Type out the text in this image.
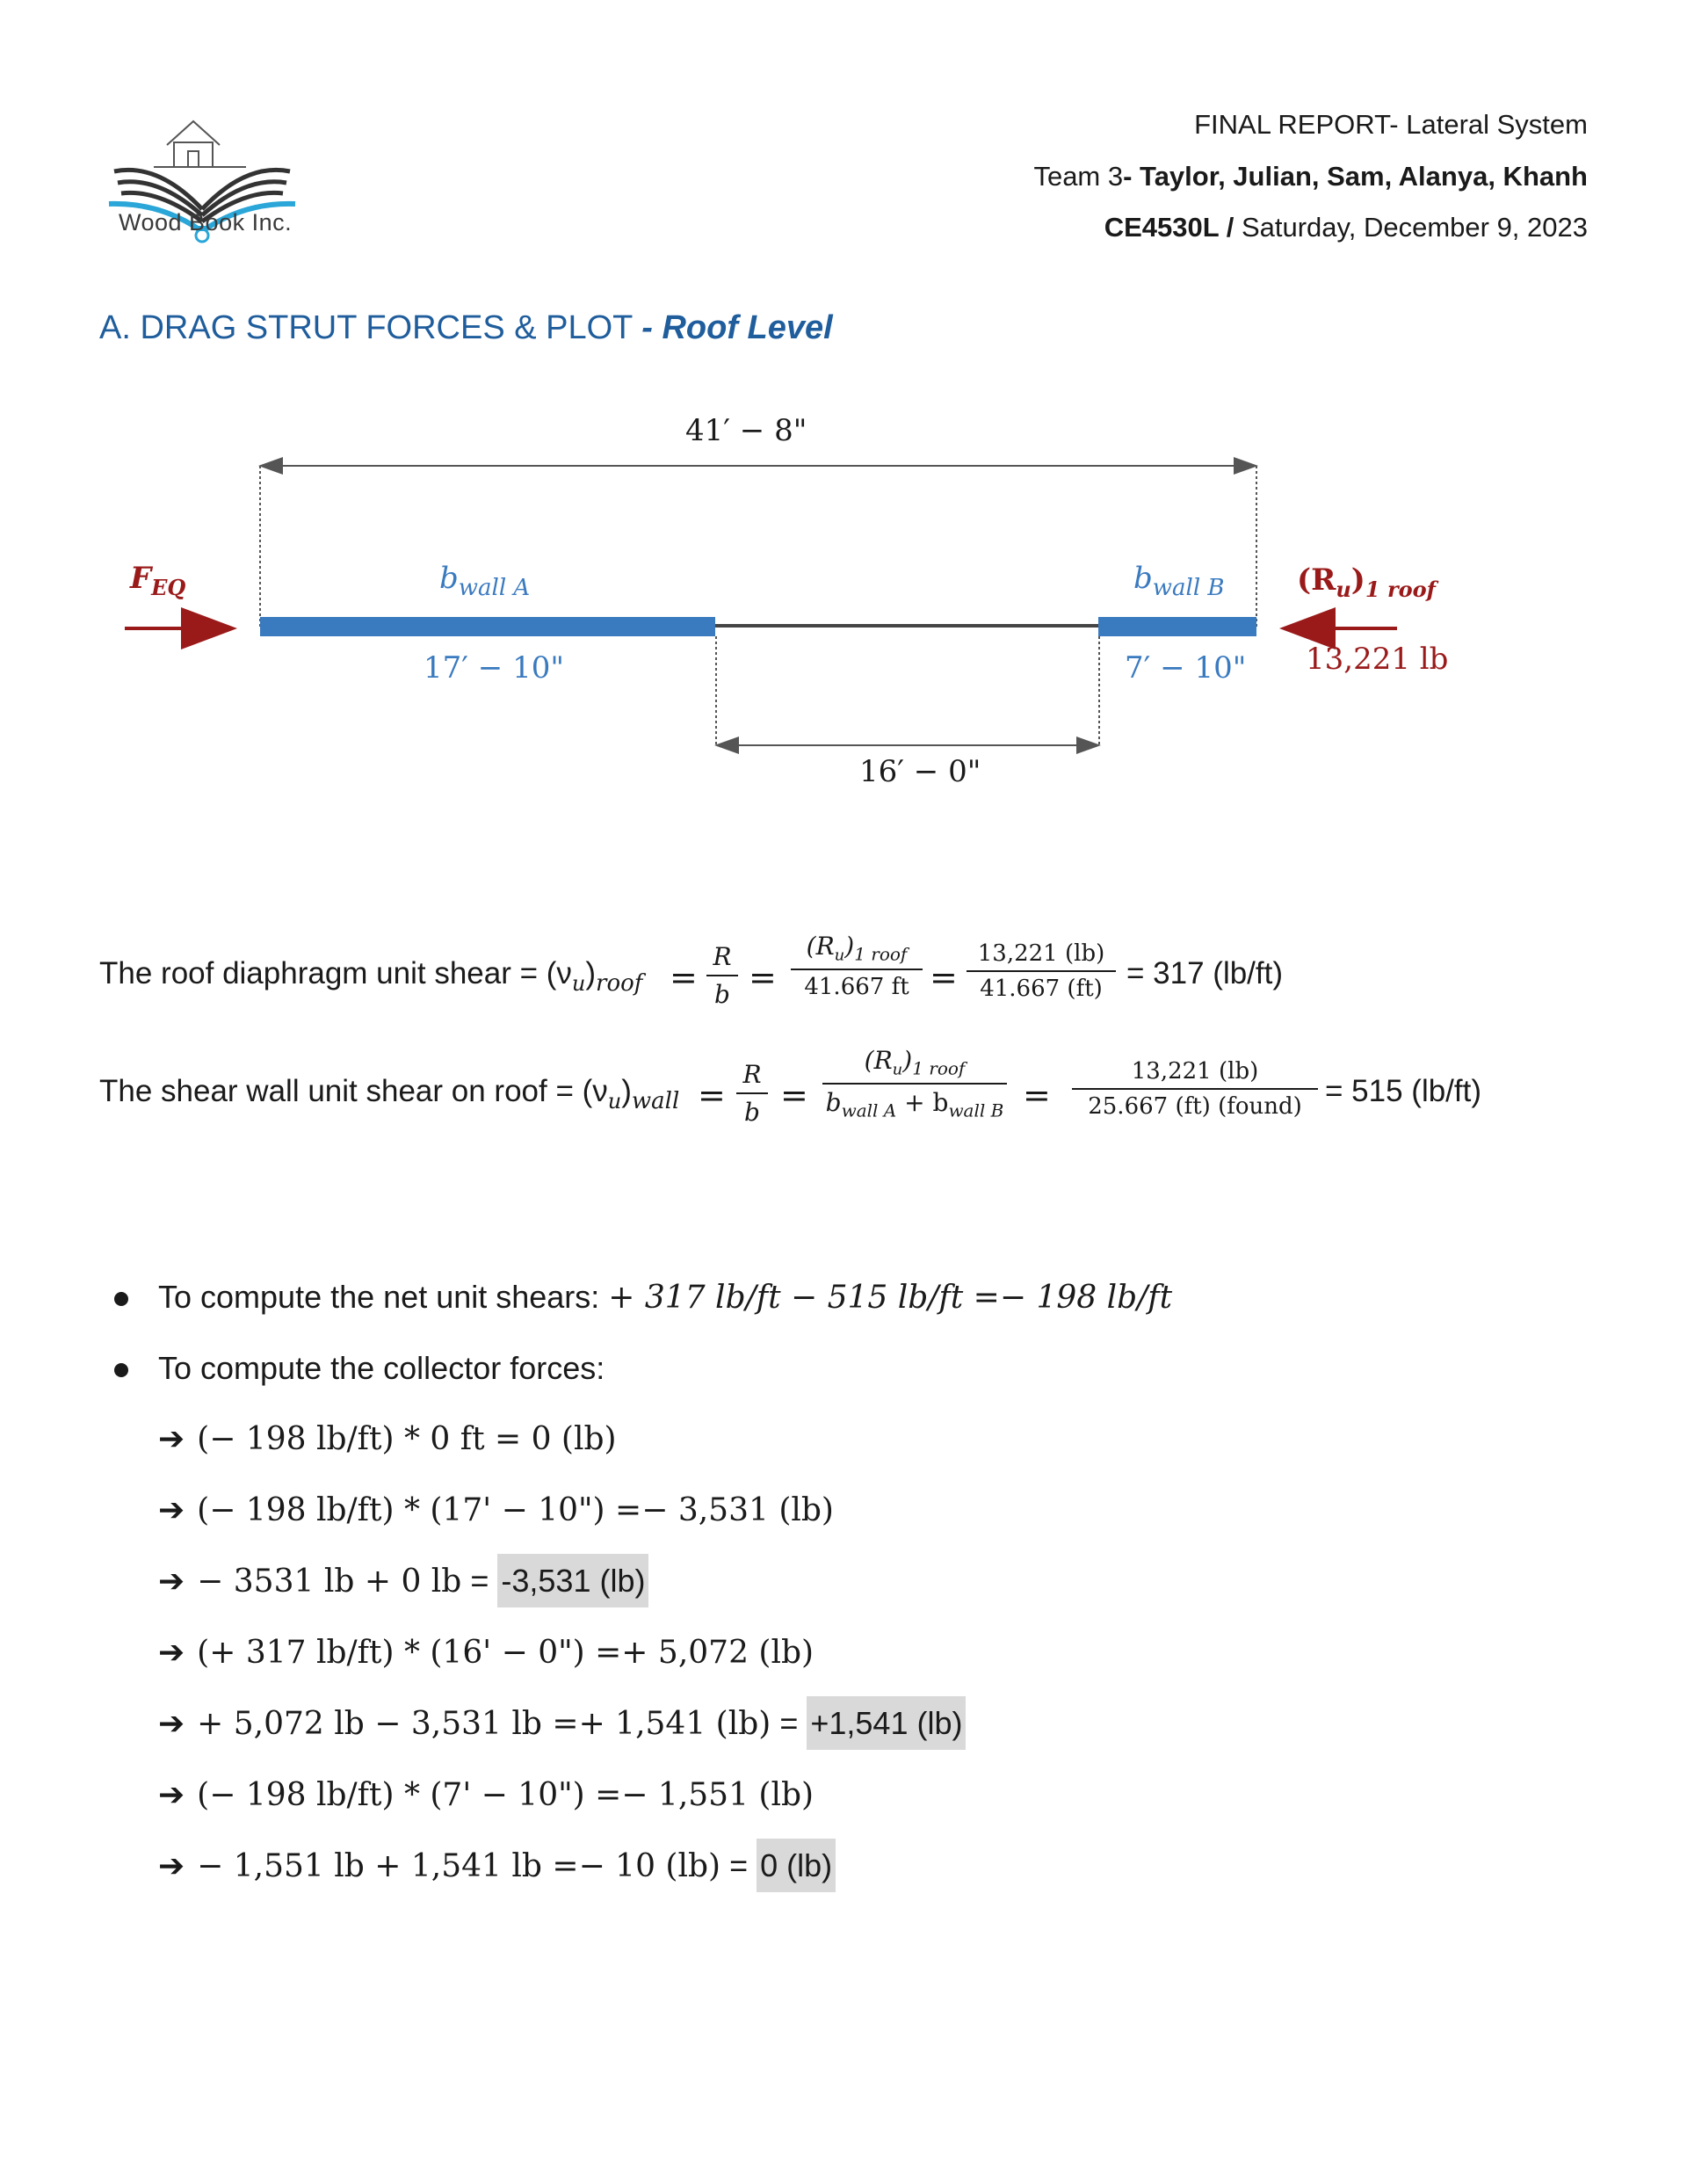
Wood Book Inc.
FINAL REPORT- Lateral System
Team 3- Taylor, Julian, Sam, Alanya, Khanh
CE4530L / Saturday, December 9, 2023
A. DRAG STRUT FORCES & PLOT - Roof Level
41′ − 8"
$F_{EQ}$	$b_{wall A}$	$b_{wall B}$ $(R_u)_{1 roof}$
17′ − 10"	7′ − 10" 13,221 lb
16′ − 0"
The roof diaphragm unit shear = $(\nu_u)_{roof}$ =
R
b =
$(R_u)_{1 roof}$
41.667 ft =
13,221 (lb)
41.667 (ft) = 317 (lb/ft)
The shear wall unit shear on roof = $(\nu_u)_{wall}$ =
R
b =
$(R_u)_{1 roof}$
$b_{wall A} + b_{wall B}$ =
13,221 (lb)
25.667 (ft) (found) = 515 (lb/ft)
To compute the net unit shears: + 317 lb/ft − 515 lb/ft =− 198 lb/ft
To compute the collector forces:
➔ (− 198 lb/ft) * 0 ft = 0 (lb)
➔ (− 198 lb/ft) * (17' − 10") =− 3,531 (lb)
➔ − 3531 lb + 0 lb = -3,531 (lb)
➔ (+ 317 lb/ft) * (16' − 0") =+ 5,072 (lb)
➔ + 5,072 lb − 3,531 lb =+ 1,541 (lb) = +1,541 (lb)
➔ (− 198 lb/ft) * (7' − 10") =− 1,551 (lb)
➔ − 1,551 lb + 1,541 lb =− 10 (lb) = 0 (lb)
